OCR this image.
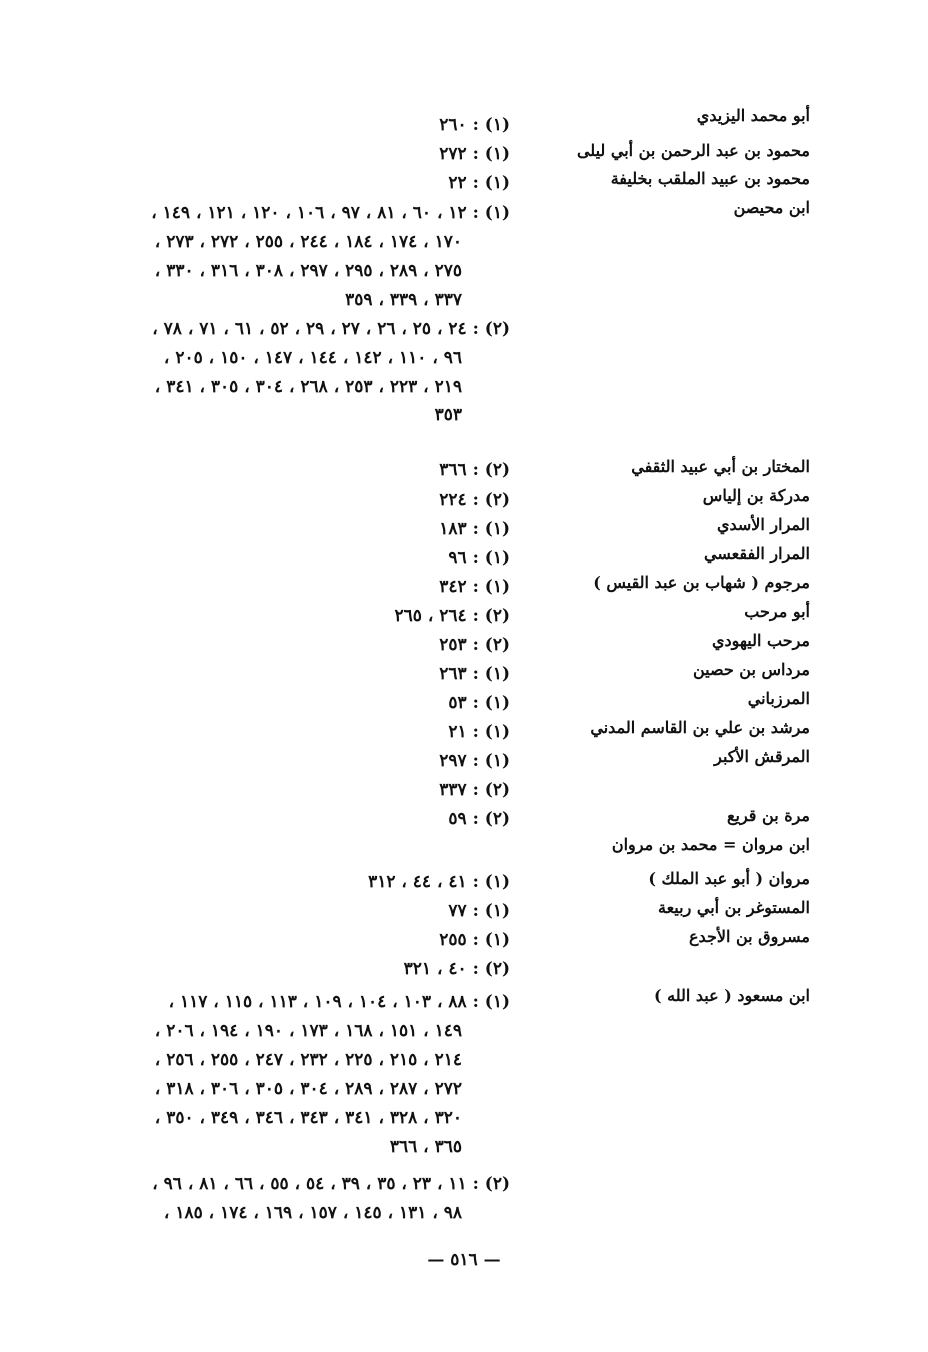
أبو محمد اليزيدي
محمود بن عبد الرحمن بن أبي ليلى
محمود بن عبيد الملقب بخليفة
ابن محيصن
المختار بن أبي عبيد الثقفي
مدركة بن إلياس
المرار الأسدي
المرار الفقعسي
مرجوم ( شهاب بن عبد القيس )
أبو مرحب
مرحب اليهودي
مرداس بن حصين
المرزباني
مرشد بن علي بن القاسم المدني
المرقش الأكبر
مرة بن قريع
ابن مروان = محمد بن مروان
مروان ( أبو عبد الملك )
المستوغر بن أبي ربيعة
مسروق بن الأجدع
ابن مسعود ( عبد الله )
(١) : ٢٦٠
(١) : ٢٧٢
(١) : ٢٢
(١) : ١٢ ، ٦٠ ، ٨١ ، ٩٧ ، ١٠٦ ، ١٢٠ ، ١٢١ ، ١٤٩ ،
١٧٠ ، ١٧٤ ، ١٨٤ ، ٢٤٤ ، ٢٥٥ ، ٢٧٢ ، ٢٧٣ ،
٢٧٥ ، ٢٨٩ ، ٢٩٥ ، ٢٩٧ ، ٣٠٨ ، ٣١٦ ، ٣٣٠ ،
٣٣٧ ، ٣٣٩ ، ٣٥٩
(٢) : ٢٤ ، ٢٥ ، ٢٦ ، ٢٧ ، ٢٩ ، ٥٢ ، ٦١ ، ٧١ ، ٧٨ ،
٩٦ ، ١١٠ ، ١٤٢ ، ١٤٤ ، ١٤٧ ، ١٥٠ ، ٢٠٥ ،
٢١٩ ، ٢٢٣ ، ٢٥٣ ، ٢٦٨ ، ٣٠٤ ، ٣٠٥ ، ٣٤١ ،
٣٥٣
(٢) : ٣٦٦
(٢) : ٢٢٤
(١) : ١٨٣
(١) : ٩٦
(١) : ٣٤٢
(٢) : ٢٦٤ ، ٢٦٥
(٢) : ٢٥٣
(١) : ٢٦٣
(١) : ٥٣
(١) : ٢١
(١) : ٢٩٧
(٢) : ٣٣٧
(٢) : ٥٩
(١) : ٤١ ، ٤٤ ، ٣١٢
(١) : ٧٧
(١) : ٢٥٥
(٢) : ٤٠ ، ٣٢١
(١) : ٨٨ ، ١٠٣ ، ١٠٤ ، ١٠٩ ، ١١٣ ، ١١٥ ، ١١٧ ،
١٤٩ ، ١٥١ ، ١٦٨ ، ١٧٣ ، ١٩٠ ، ١٩٤ ، ٢٠٦ ،
٢١٤ ، ٢١٥ ، ٢٢٥ ، ٢٣٢ ، ٢٤٧ ، ٢٥٥ ، ٢٥٦ ،
٢٧٢ ، ٢٨٧ ، ٢٨٩ ، ٣٠٤ ، ٣٠٥ ، ٣٠٦ ، ٣١٨ ،
٣٢٠ ، ٣٢٨ ، ٣٤١ ، ٣٤٣ ، ٣٤٦ ، ٣٤٩ ، ٣٥٠ ،
٣٦٥ ، ٣٦٦
(٢) : ١١ ، ٢٣ ، ٣٥ ، ٣٩ ، ٥٤ ، ٥٥ ، ٦٦ ، ٨١ ، ٩٦ ،
٩٨ ، ١٣١ ، ١٤٥ ، ١٥٧ ، ١٦٩ ، ١٧٤ ، ١٨٥ ،
— ٥١٦ —
